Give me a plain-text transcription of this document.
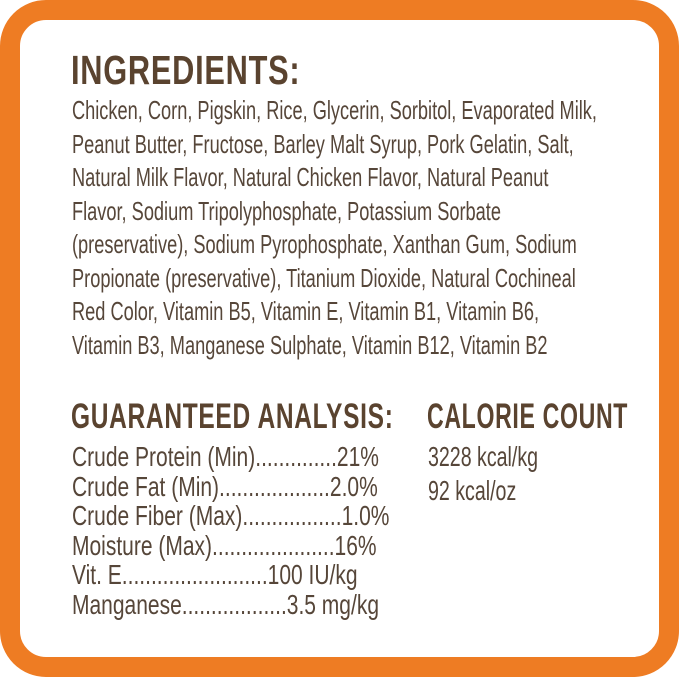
INGREDIENTS:
Chicken, Corn, Pigskin, Rice, Glycerin, Sorbitol, Evaporated Milk,
Peanut Butter, Fructose, Barley Malt Syrup, Pork Gelatin, Salt,
Natural Milk Flavor, Natural Chicken Flavor, Natural Peanut
Flavor, Sodium Tripolyphosphate, Potassium Sorbate
(preservative), Sodium Pyrophosphate, Xanthan Gum, Sodium
Propionate (preservative), Titanium Dioxide, Natural Cochineal
Red Color, Vitamin B5, Vitamin E, Vitamin B1, Vitamin B6,
Vitamin B3, Manganese Sulphate, Vitamin B12, Vitamin B2
GUARANTEED ANALYSIS:
Crude Protein (Min)..............21%
Crude Fat (Min)...................2.0%
Crude Fiber (Max).................1.0%
Moisture (Max).....................16%
Vit. E.........................100 IU/kg
Manganese..................3.5 mg/kg
CALORIE COUNT
3228 kcal/kg
92 kcal/oz
